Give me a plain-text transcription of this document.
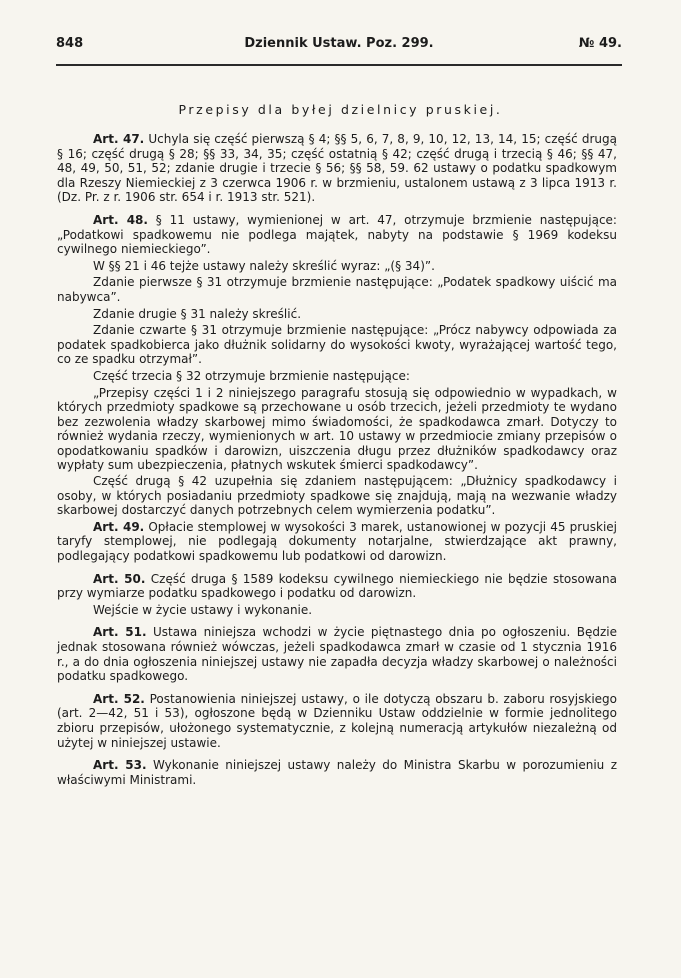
848	Dziennik Ustaw. Poz. 299.	№ 49.
Przepisy dla byłej dzielnicy pruskiej.

Art. 47. Uchyla się część pierwszą § 4; §§ 5, 6, 7, 8, 9, 10, 12, 13, 14, 15; część drugą § 16; część drugą § 28; §§ 33, 34, 35; część ostatnią § 42; część drugą i trzecią § 46; §§ 47, 48, 49, 50, 51, 52; zdanie drugie i trzecie § 56; §§ 58, 59. 62 ustawy o podatku spadkowym dla Rzeszy Niemieckiej z 3 czerwca 1906 r. w brzmieniu, ustalonem ustawą z 3 lipca 1913 r. (Dz. Pr. z r. 1906 str. 654 i r. 1913 str. 521).

Art. 48. § 11 ustawy, wymienionej w art. 47, otrzymuje brzmienie następujące: „Podatkowi spadkowemu nie podlega majątek, nabyty na podstawie § 1969 kodeksu cywilnego niemieckiego”.

W §§ 21 i 46 tejże ustawy należy skreślić wyraz: „(§ 34)”.

Zdanie pierwsze § 31 otrzymuje brzmienie następujące: „Podatek spadkowy uiścić ma nabywca”.

Zdanie drugie § 31 należy skreślić.

Zdanie czwarte § 31 otrzymuje brzmienie następujące: „Prócz nabywcy odpowiada za podatek spadkobierca jako dłużnik solidarny do wysokości kwoty, wyrażającej wartość tego, co ze spadku otrzymał”.

Część trzecia § 32 otrzymuje brzmienie następujące:

„Przepisy części 1 i 2 niniejszego paragrafu stosują się odpowiednio w wypadkach, w których przedmioty spadkowe są przechowane u osób trzecich, jeżeli przedmioty te wydano bez zezwolenia władzy skarbowej mimo świadomości, że spadkodawca zmarł. Dotyczy to również wydania rzeczy, wymienionych w art. 10 ustawy w przedmiocie zmiany przepisów o opodatkowaniu spadków i darowizn, uiszczenia długu przez dłużników spadkodawcy oraz wypłaty sum ubezpieczenia, płatnych wskutek śmierci spadkodawcy”.

Część drugą § 42 uzupełnia się zdaniem następującem: „Dłużnicy spadkodawcy i osoby, w których posiadaniu przedmioty spadkowe się znajdują, mają na wezwanie władzy skarbowej dostarczyć danych potrzebnych celem wymierzenia podatku”.

Art. 49. Opłacie stemplowej w wysokości 3 marek, ustanowionej w pozycji 45 pruskiej taryfy stemplowej, nie podlegają dokumenty notarjalne, stwierdzające akt prawny, podlegający podatkowi spadkowemu lub podatkowi od darowizn.

Art. 50. Część druga § 1589 kodeksu cywilnego niemieckiego nie będzie stosowana przy wymiarze podatku spadkowego i podatku od darowizn.

Wejście w życie ustawy i wykonanie.

Art. 51. Ustawa niniejsza wchodzi w życie piętnastego dnia po ogłoszeniu. Będzie jednak stosowana również wówczas, jeżeli spadkodawca zmarł w czasie od 1 stycznia 1916 r., a do dnia ogłoszenia niniejszej ustawy nie zapadła decyzja władzy skarbowej o należności podatku spadkowego.

Art. 52. Postanowienia niniejszej ustawy, o ile dotyczą obszaru b. zaboru rosyjskiego (art. 2—42, 51 i 53), ogłoszone będą w Dzienniku Ustaw oddzielnie w formie jednolitego zbioru przepisów, ułożonego systematycznie, z kolejną numeracją artykułów niezależną od użytej w niniejszej ustawie.

Art. 53. Wykonanie niniejszej ustawy należy do Ministra Skarbu w porozumieniu z właściwymi Ministrami.
